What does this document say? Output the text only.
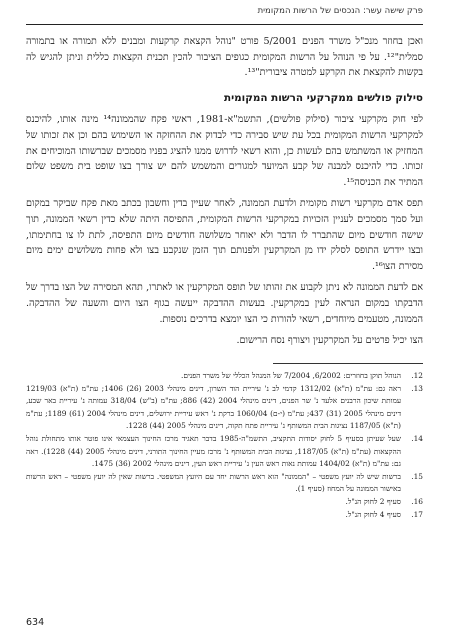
פרק שישה עשר: הנכסים של הרשות המקומית

ואכן בחוזר מנכ"ל משרד הפנים 5/2001 פורט "נוהל הקצאת קרקעות ומבנים ללא תמורה או בתמורה סמלית"¹². על פי הנוהל על הרשות המקומית כגופים הציבור להכין תכנית הקצאות כללית וניתן להגיש לה בקשות להקצאת את הקרקע למטרה ציבורית"¹³.

סילוק פולשים ממקרקעי הרשות המקומית

לפי חוק מקרקעי ציבור (סילוק פולשים), התשמ"א-1981, ראשי פקח שהממונה¹⁴ מינה אותו, להיכנס למקרקעי הרשות המקומית בכל עת שיש סבירה כדי לבדוק את ההחזקה או השימוש בהם וכן את זכותו של המחזיק או המשתמש בהם לעשות כן, והוא רשאי לדרוש ממנו להציג בפניו מסמכים שברשותו המוכיחים את זכותו. כדי להיכנס למבנה של קבע המיועד למגורים והמשמש להם יש צורך בצו שופט בית משפט שלום המתיר את הכניסה¹⁵.

תפס אדם מקרקעי רשות מקומית ולדעת הממונה, לאחר שעיין בדין וחשבון בכתב מאת פקח שביקר במקום ועל סמך מסמכים לעניין הזכויות במקרקעי הרשות המקומית, התפיסה היתה שלא כדין רשאי הממונה, תוך שישה חודשים מיום שהתברר לו הדבר ולא יאוחר משלושה חודשים מיום התפיסה, לתת לו צו בחתימתו, ובצו יידרש התופס לסלק ידו מן המקרקעין ולפנותם תוך הזמן שנקבע בצו ולא פחות משלושים ימים מיום מסירת הצו¹⁶.

אם לדעת הממונה לא ניתן לקבוע את זהותו של תופס המקרקעין או לאתרו, תהא המסירה של הצו בדרך של הדבקתו במקום הנראה לעין במקרקעין. בעשות ההדבקה ייעשה בגוף הצו היום והשעה של ההדבקה. הממונה, מטעמים מיוחדים, רשאי להורות כי הצו יומצא בדרכים נוספות.

הצו יכיל פרטים על המקרקעין ויצורף נסח הרישום.

12.
הנוהל תוקן בחוזרים: 6/2002, 7/2004 של המנהל הכללי של משרד הפנים.
13.
ראה גם: עת"מ (ת"א) 1312/02 קדמי לב נ' עיריית הוד השרון, דינים מינהלי 2003 (26) 1406; עת"מ (ת"א) 1219/03 עמותת שיכון הרבנים אלעד נ' שר הפנים, דינים מינהלי 2004 (42) 886; עת"מ (ב"ש) 318/04 עמותה נ' עיריית באר שבע, דינים מינהלי 2005 (31) 437; עת"מ (י-ם) 1060/04 ברקת נ' ראש עיריית ירושלים, דינים מינהלי 2004 (61) 1189; עת"מ (ת"א) 1187/05 נציגות הבית המשותף נ' עיריית פתח תקוה, דינים מינהלי 2005 (44) 1228.
14.
שעל שעיתן בסעיף 5 לחוק יסודות התקציב, התשמ"ה-1985 בדבר תאגיד מרכז החינוך העצמאי אינו פוטר אותו מתחולת נוהל ההקצאות (עת"מ (ת"א) 1187/05, נציגות הבית המשותף נ' מרכז מעיין החינוך התורני, דינים מינהלי 2005 (44) 1228). ראה גם: עת"מ (ת"א) 1404/02 עמותת נאות ראש העין נ' עיריית ראש העין, דינים מינהלי 2002 (36) 1475.
15.
ברשות שיש לה יועץ משפטי – "הממונה" הוא ראש הרשות יחד עם היועץ המשפטי. ברשות שאין לה יועץ משפטי – ראש הרשות באישור הממונה על המחוז (סעיף 1).
16.
סעיף 2 לחוק הנ"ל.
17.
סעיף 4 לחוק הנ"ל.
634
